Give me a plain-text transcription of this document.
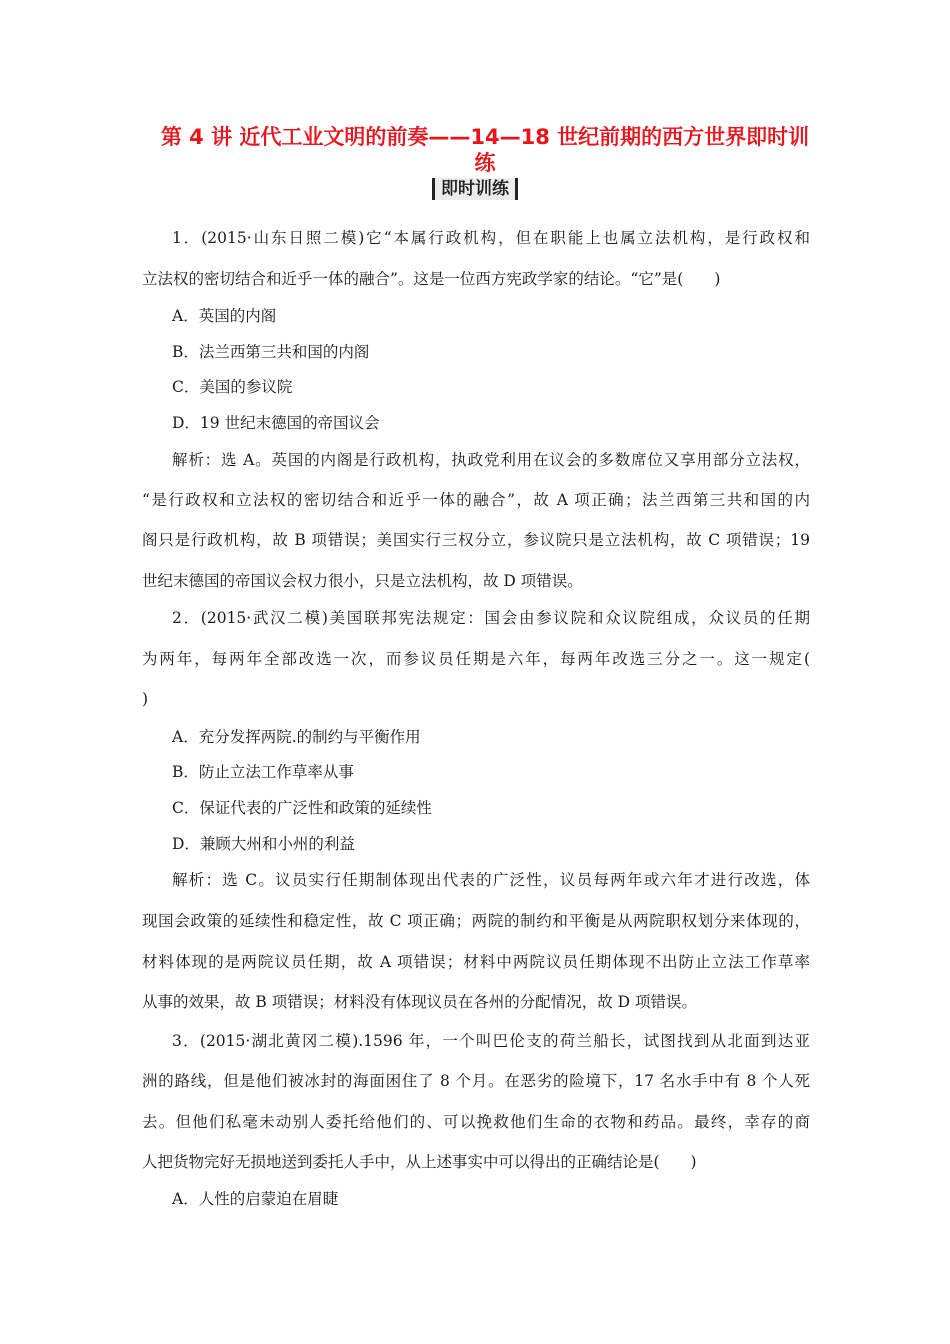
第 4 讲 近代工业文明的前奏——14—18 世纪前期的西方世界即时训
练
即时训练
1．(2015·山东日照二模)它“本属行政机构，但在职能上也属立法机构，是行政权和
立法权的密切结合和近乎一体的融合”。这是一位西方宪政学家的结论。“它”是(　　)
A．英国的内阁
B．法兰西第三共和国的内阁
C．美国的参议院
D．19 世纪末德国的帝国议会
解析：选 A。英国的内阁是行政机构，执政党利用在议会的多数席位又享用部分立法权，
“是行政权和立法权的密切结合和近乎一体的融合”，故 A 项正确；法兰西第三共和国的内
阁只是行政机构，故 B 项错误；美国实行三权分立，参议院只是立法机构，故 C 项错误；19
世纪末德国的帝国议会权力很小，只是立法机构，故 D 项错误。
2．(2015·武汉二模)美国联邦宪法规定：国会由参议院和众议院组成，众议员的任期
为两年，每两年全部改选一次，而参议员任期是六年，每两年改选三分之一。这一规定(
)
A．充分发挥两院.的制约与平衡作用
B．防止立法工作草率从事
C．保证代表的广泛性和政策的延续性
D．兼顾大州和小州的利益
解析：选 C。议员实行任期制体现出代表的广泛性，议员每两年或六年才进行改选，体
现国会政策的延续性和稳定性，故 C 项正确；两院的制约和平衡是从两院职权划分来体现的，
材料体现的是两院议员任期，故 A 项错误；材料中两院议员任期体现不出防止立法工作草率
从事的效果，故 B 项错误；材料没有体现议员在各州的分配情况，故 D 项错误。
3．(2015·湖北黄冈二模).1596 年，一个叫巴伦支的荷兰船长，试图找到从北面到达亚
洲的路线，但是他们被冰封的海面困住了 8 个月。在恶劣的险境下，17 名水手中有 8 个人死
去。但他们私毫未动别人委托给他们的、可以挽救他们生命的衣物和药品。最终，幸存的商
人把货物完好无损地送到委托人手中，从上述事实中可以得出的正确结论是(　　)
A．人性的启蒙迫在眉睫
